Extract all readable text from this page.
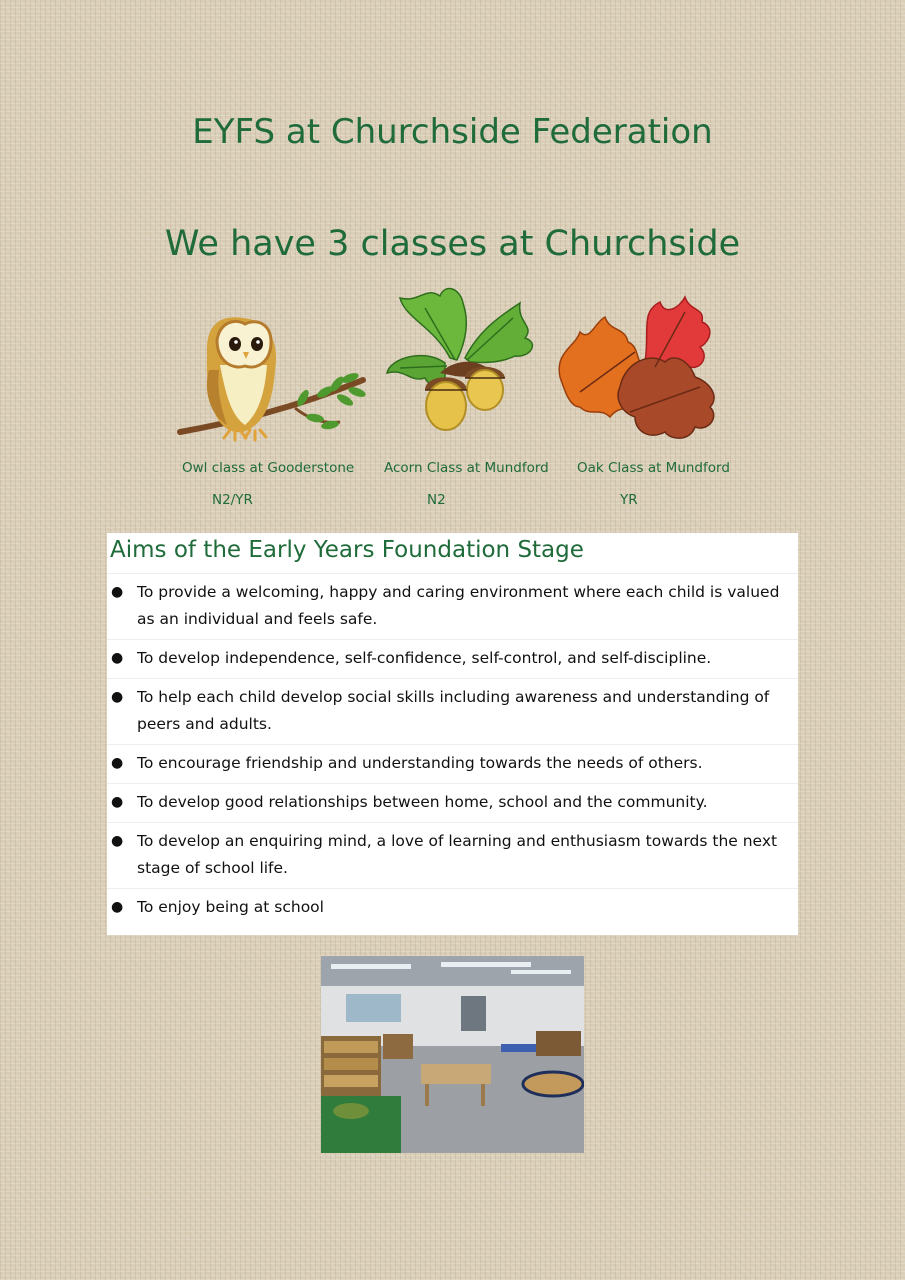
EYFS at Churchside Federation
We have 3 classes at Churchside
Owl class at Gooderstone Acorn Class at Mundford Oak Class at Mundford
N2/YR	N2	YR
Aims of the Early Years Foundation Stage
● To provide a welcoming, happy and caring environment where each child is valued as an individual and feels safe.
● To develop independence, self-confidence, self-control, and self-discipline.
● To help each child develop social skills including awareness and understanding of peers and adults.
● To encourage friendship and understanding towards the needs of others.
● To develop good relationships between home, school and the community.
● To develop an enquiring mind, a love of learning and enthusiasm towards the next stage of school life.
● To enjoy being at school
